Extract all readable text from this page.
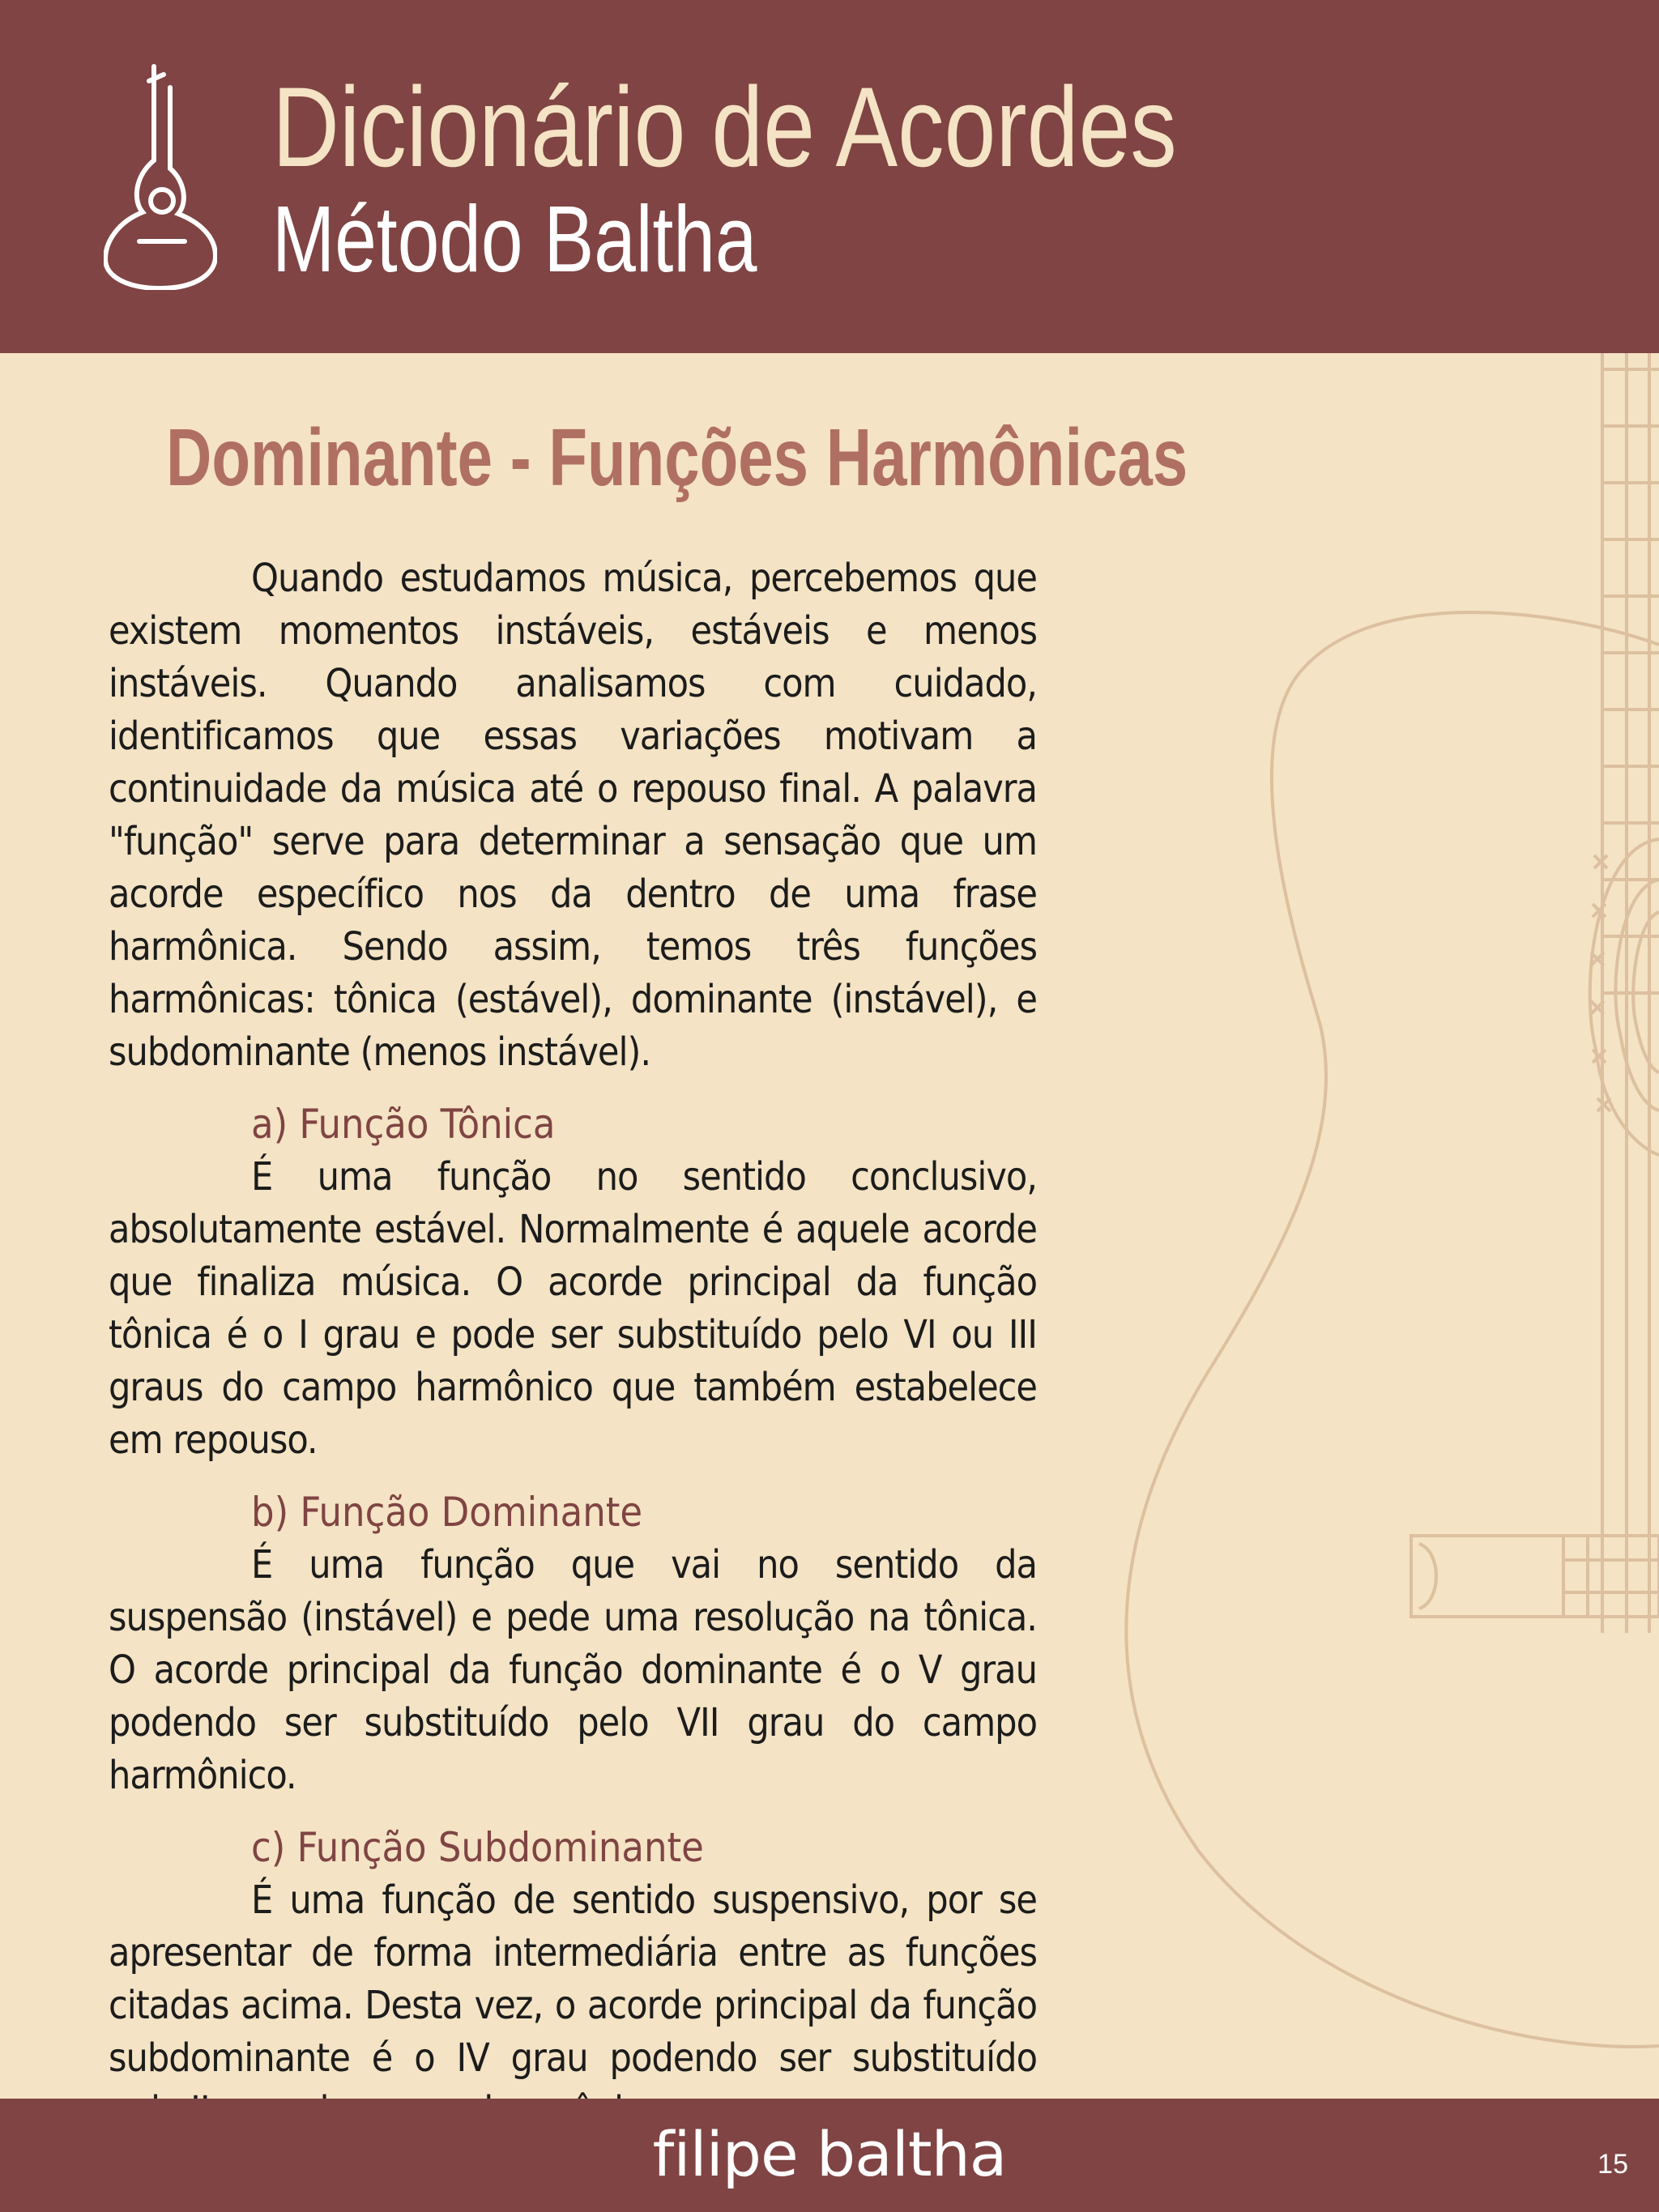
Dicionário de Acordes
Método Baltha
Dominante - Funções Harmônicas

Quando estudamos música, percebemos que existem momentos instáveis, estáveis e menos instáveis. Quando analisamos com cuidado, identificamos que essas variações motivam a continuidade da música até o repouso final. A palavra "função" serve para determinar a sensação que um acorde específico nos da dentro de uma frase harmônica. Sendo assim, temos três funções harmônicas: tônica (estável), dominante (instável), e subdominante (menos instável).

a) Função Tônica

É uma função no sentido conclusivo, absolutamente estável. Normalmente é aquele acorde que finaliza música. O acorde principal da função tônica é o I grau e pode ser substituído pelo VI ou III graus do campo harmônico que também estabelece em repouso.

b) Função Dominante

É uma função que vai no sentido da suspensão (instável) e pede uma resolução na tônica. O acorde principal da função dominante é o V grau podendo ser substituído pelo VII grau do campo harmônico.

c) Função Subdominante

É uma função de sentido suspensivo, por se apresentar de forma intermediária entre as funções citadas acima. Desta vez, o acorde principal da função subdominante é o IV grau podendo ser substituído

filipe baltha	15
